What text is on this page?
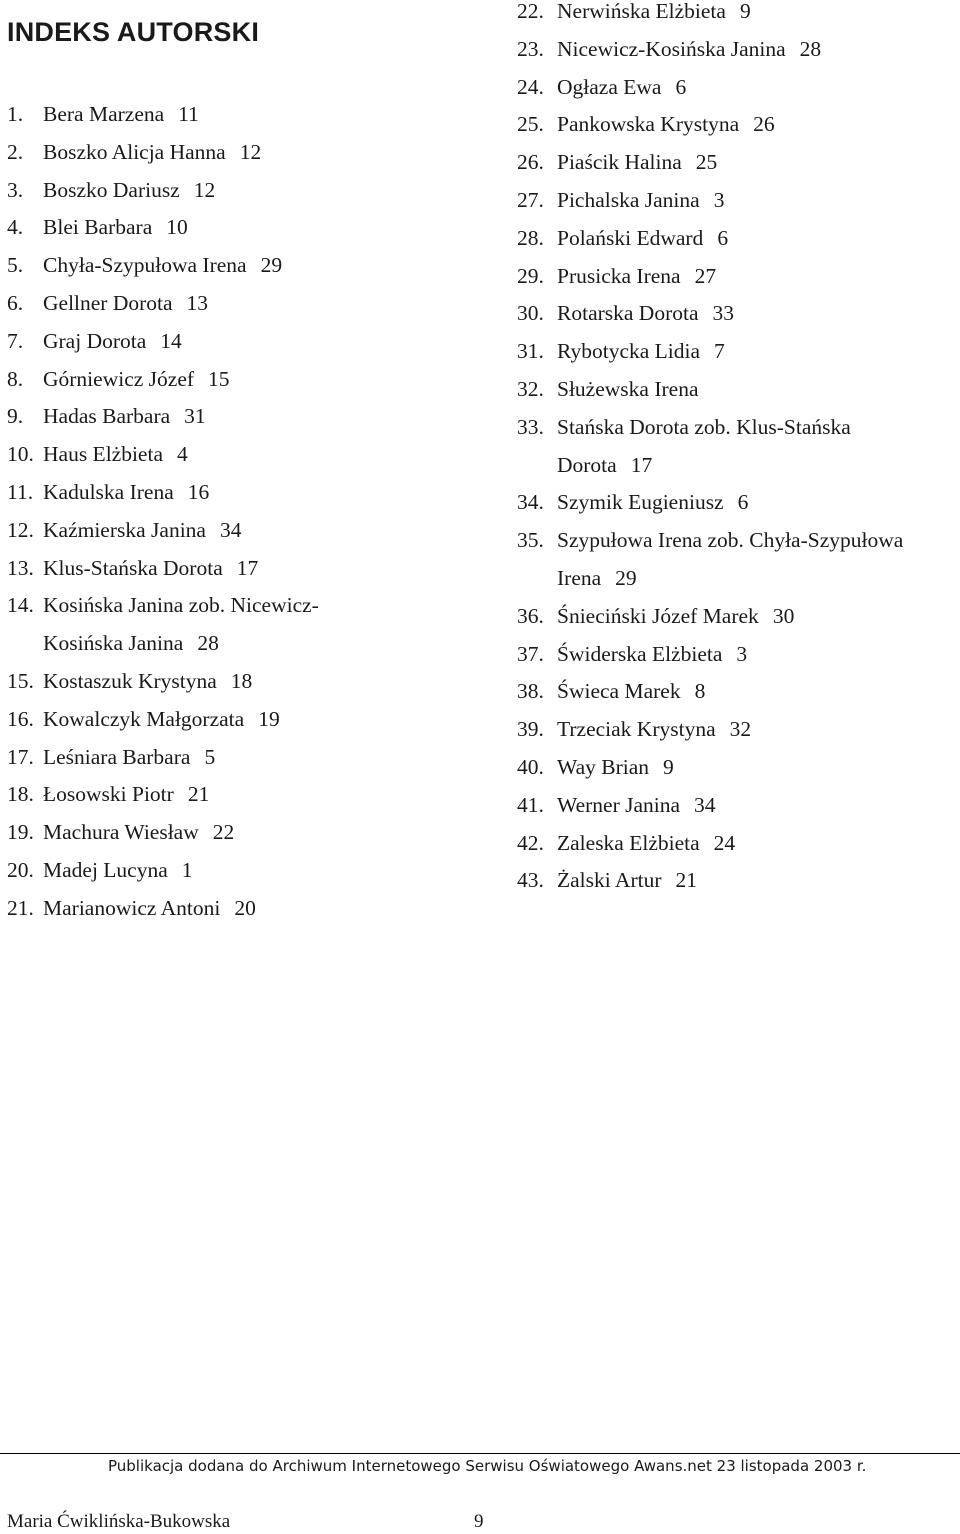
INDEKS AUTORSKI
1. Bera Marzena 11
2. Boszko Alicja Hanna 12
3. Boszko Dariusz 12
4. Blei Barbara 10
5. Chyła-Szypułowa Irena 29
6. Gellner Dorota 13
7. Graj Dorota 14
8. Górniewicz Józef 15
9. Hadas Barbara 31
10. Haus Elżbieta 4
11. Kadulska Irena 16
12. Kaźmierska Janina 34
13. Klus-Stańska Dorota 17
14. Kosińska Janina zob. Nicewicz-Kosińska Janina 28
15. Kostaszuk Krystyna 18
16. Kowalczyk Małgorzata 19
17. Leśniara Barbara 5
18. Łosowski Piotr 21
19. Machura Wiesław 22
20. Madej Lucyna 1
21. Marianowicz Antoni 20
22. Nerwińska Elżbieta 9
23. Nicewicz-Kosińska Janina 28
24. Ogłaza Ewa 6
25. Pankowska Krystyna 26
26. Piaścik Halina 25
27. Pichalska Janina 3
28. Polański Edward 6
29. Prusicka Irena 27
30. Rotarska Dorota 33
31. Rybotycka Lidia 7
32. Służewska Irena
33. Stańska Dorota zob. Klus-Stańska Dorota 17
34. Szymik Eugieniusz 6
35. Szypułowa Irena zob. Chyła-Szypułowa Irena 29
36. Śnieciński Józef Marek 30
37. Świderska Elżbieta 3
38. Świeca Marek 8
39. Trzeciak Krystyna 32
40. Way Brian 9
41. Werner Janina 34
42. Zaleska Elżbieta 24
43. Żalski Artur 21
Publikacja dodana do Archiwum Internetowego Serwisu Oświatowego Awans.net 23 listopada 2003 r.
Maria Ćwiklińska-Bukowska	9
